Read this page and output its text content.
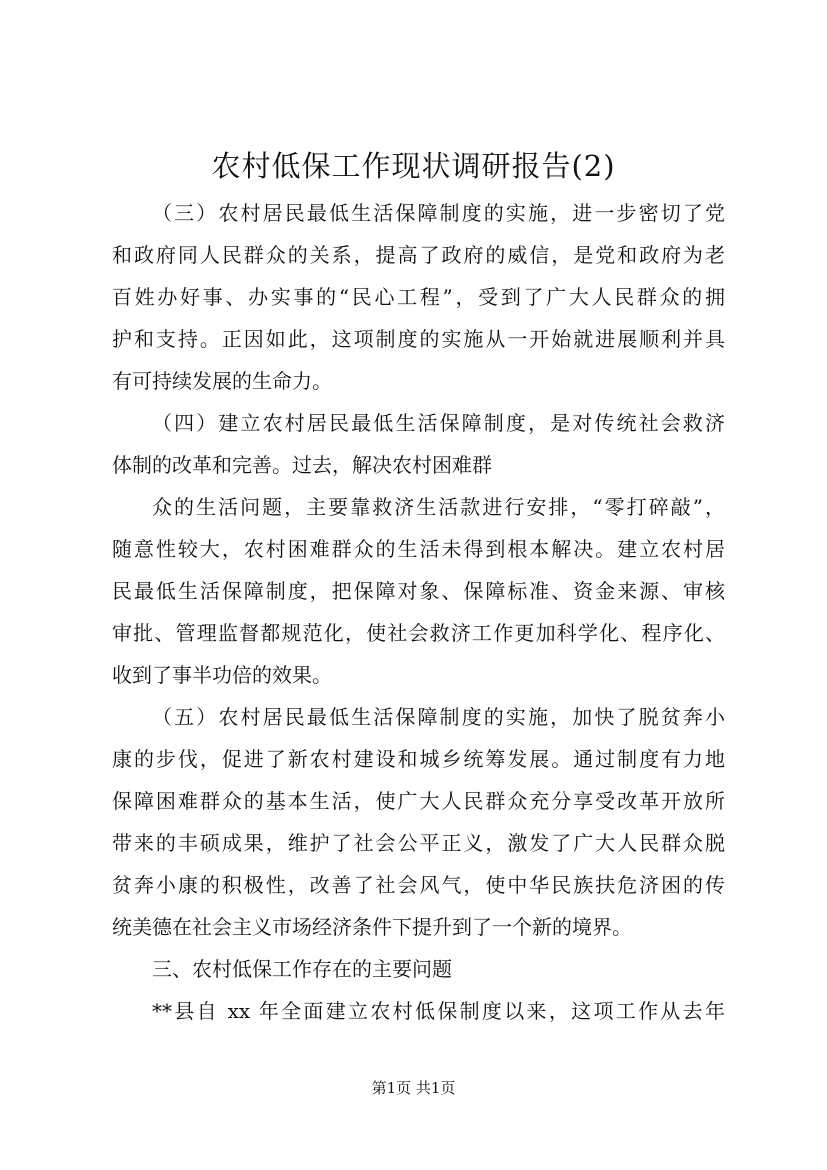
农村低保工作现状调研报告(2)

（三）农村居民最低生活保障制度的实施，进一步密切了党

和政府同人民群众的关系，提高了政府的威信，是党和政府为老

百姓办好事、办实事的“民心工程”，受到了广大人民群众的拥

护和支持。正因如此，这项制度的实施从一开始就进展顺利并具

有可持续发展的生命力。

（四）建立农村居民最低生活保障制度，是对传统社会救济

体制的改革和完善。过去，解决农村困难群

众的生活问题，主要靠救济生活款进行安排，“零打碎敲”，

随意性较大，农村困难群众的生活未得到根本解决。建立农村居

民最低生活保障制度，把保障对象、保障标准、资金来源、审核

审批、管理监督都规范化，使社会救济工作更加科学化、程序化、

收到了事半功倍的效果。

（五）农村居民最低生活保障制度的实施，加快了脱贫奔小

康的步伐，促进了新农村建设和城乡统筹发展。通过制度有力地

保障困难群众的基本生活，使广大人民群众充分享受改革开放所

带来的丰硕成果，维护了社会公平正义，激发了广大人民群众脱

贫奔小康的积极性，改善了社会风气，使中华民族扶危济困的传

统美德在社会主义市场经济条件下提升到了一个新的境界。

三、农村低保工作存在的主要问题

**县自 xx 年全面建立农村低保制度以来，这项工作从去年

第1页 共1页
